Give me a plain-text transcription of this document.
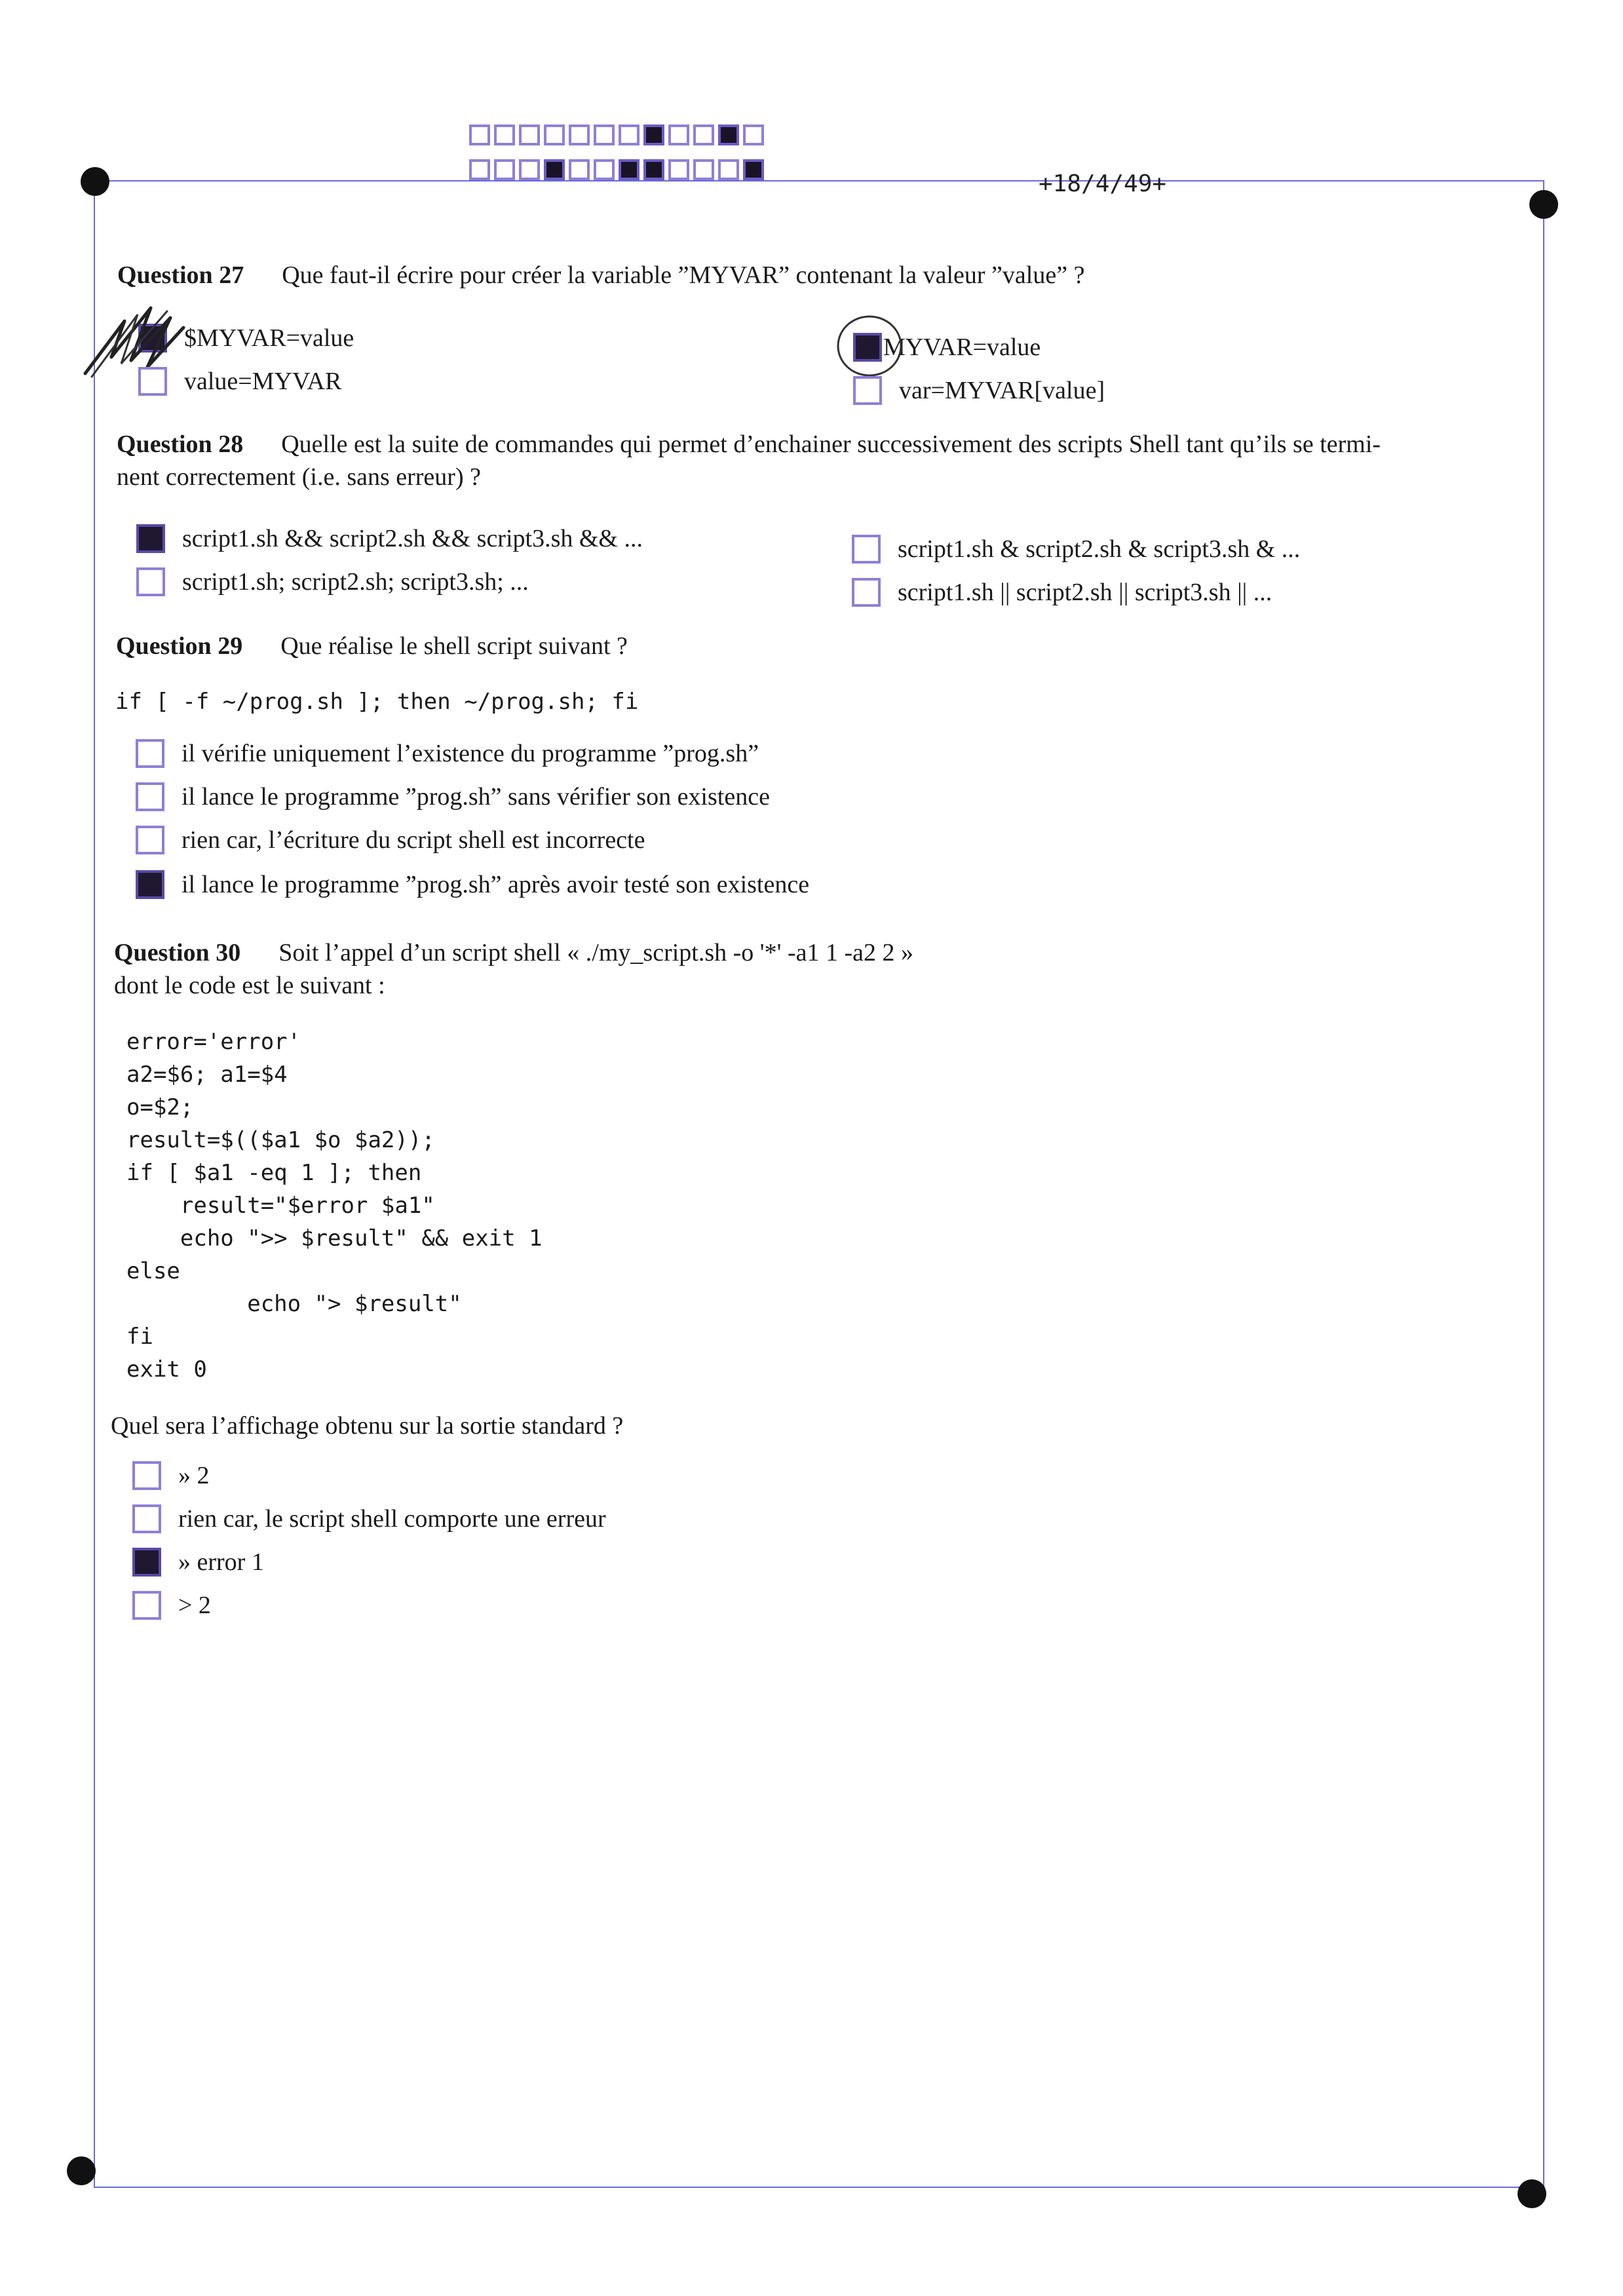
+18/4/49+
Question 27 Que faut-il écrire pour créer la variable ”MYVAR” contenant la valeur ”value” ?
$MYVAR=value
value=MYVAR
MYVAR=value
var=MYVAR[value]
Question 28 Quelle est la suite de commandes qui permet d’enchainer successivement des scripts Shell tant qu’ils se termi-
nent correctement (i.e. sans erreur) ?
script1.sh && script2.sh && script3.sh && ...
script1.sh; script2.sh; script3.sh; ...
script1.sh & script2.sh & script3.sh & ...
script1.sh || script2.sh || script3.sh || ...
Question 29 Que réalise le shell script suivant ?
if [ -f ~/prog.sh ]; then ~/prog.sh; fi
il vérifie uniquement l’existence du programme ”prog.sh”
il lance le programme ”prog.sh” sans vérifier son existence
rien car, l’écriture du script shell est incorrecte
il lance le programme ”prog.sh” après avoir testé son existence
Question 30 Soit l’appel d’un script shell « ./my_script.sh -o '*' -a1 1 -a2 2 »
dont le code est le suivant :
error='error'
a2=$6; a1=$4
o=$2;
result=$(($a1 $o $a2));
if [ $a1 -eq 1 ]; then
result="$error $a1"
echo ">> $result" && exit 1
else
echo "> $result"
fi
exit 0
Quel sera l’affichage obtenu sur la sortie standard ?
» 2
rien car, le script shell comporte une erreur
» error 1
> 2
